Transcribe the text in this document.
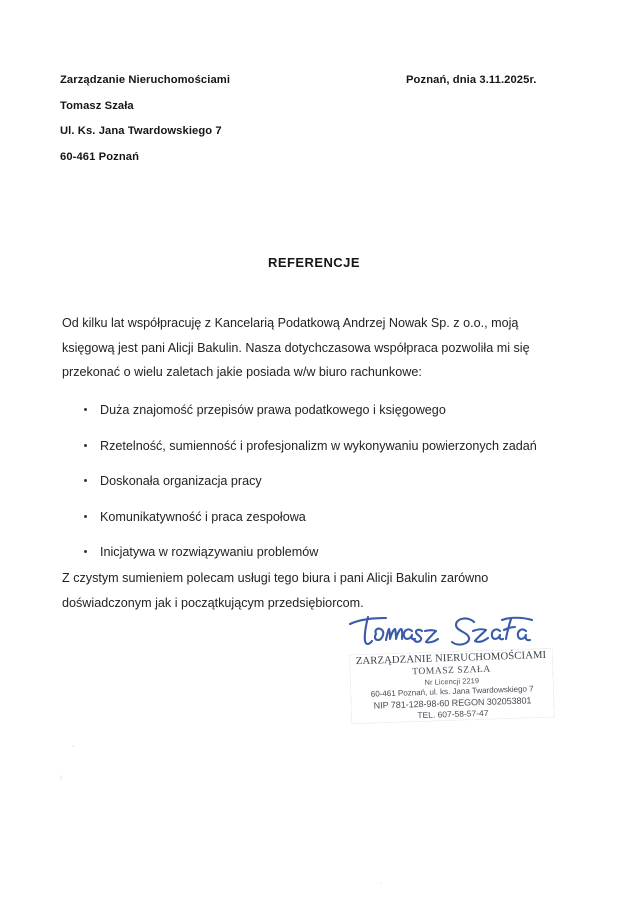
Zarządzanie Nieruchomościami
Tomasz Szała
Ul. Ks. Jana Twardowskiego 7
60-461 Poznań
Poznań, dnia 3.11.2025r.
REFERENCJE
Od kilku lat współpracuję z Kancelarią Podatkową Andrzej Nowak Sp. z o.o., moją księgową jest pani Alicji Bakulin. Nasza dotychczasowa współpraca pozwoliła mi się przekonać o wielu zaletach jakie posiada w/w biuro rachunkowe:
Duża znajomość przepisów prawa podatkowego i księgowego
Rzetelność, sumienność i profesjonalizm w wykonywaniu powierzonych zadań
Doskonała organizacja pracy
Komunikatywność i praca zespołowa
Inicjatywa w rozwiązywaniu problemów
Z czystym sumieniem polecam usługi tego biura i pani Alicji Bakulin zarówno doświadczonym jak i początkującym przedsiębiorcom.
ZARZĄDZANIE NIERUCHOMOŚCIAMI
TOMASZ SZAŁA
Nr Licencji 2219
60-461 Poznań, ul. ks. Jana Twardowskiego 7
NIP 781-128-98-60 REGON 302053801
TEL. 607-58-57-47
